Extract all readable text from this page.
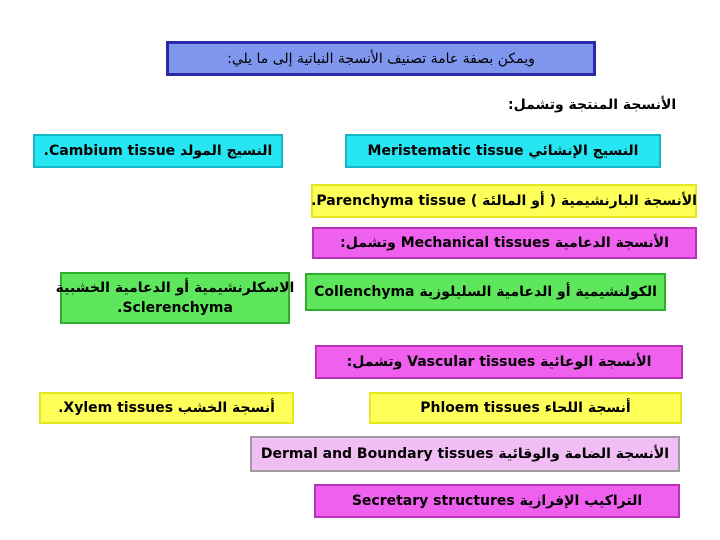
ويمكن بصفة عامة تصنيف الأنسجة النباتية إلى ما يلي:
الأنسجة المنتجة وتشمل:
النسيج الإنشائي Meristematic tissue
النسيج المولد Cambium tissue.
الأنسجة البارنشيمية ( أو المالئة ) Parenchyma tissue.
الأنسجة الدعامية Mechanical tissues وتشمل:
الكولنشيمية أو الدعامية السليلوزية Collenchyma
الاسكلرنشيمية أو الدعامية الخشبية
Sclerenchyma.
الأنسجة الوعائية Vascular tissues وتشمل:
أنسجة اللحاء Phloem tissues
أنسجة الخشب Xylem tissues.
الأنسجة الضامة والوقائية Dermal and Boundary tissues
التراكيب الإفرازية Secretary structures
